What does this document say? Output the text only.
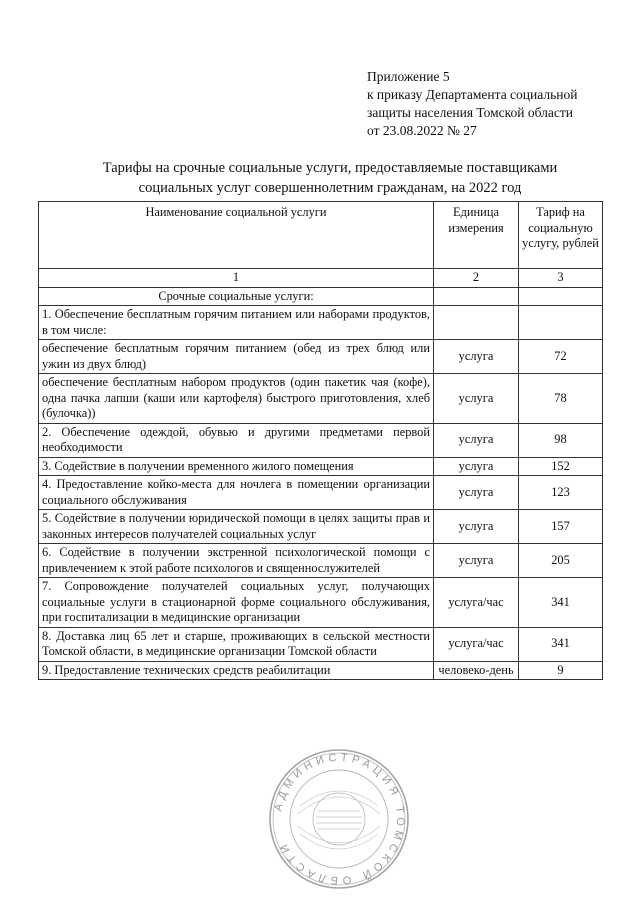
Приложение 5
к приказу Департамента социальной
защиты населения Томской области
от 23.08.2022 № 27
Тарифы на срочные социальные услуги, предоставляемые поставщиками
социальных услуг совершеннолетним гражданам, на 2022 год
Наименование социальной услуги	Единица измерения	Тариф на социальную услугу, рублей
1	2	3
Срочные социальные услуги:		
1. Обеспечение бесплатным горячим питанием или наборами продуктов, в том числе:		
обеспечение бесплатным горячим питанием (обед из трех блюд или ужин из двух блюд)	услуга	72
обеспечение бесплатным набором продуктов (один пакетик чая (кофе), одна пачка лапши (каши или картофеля) быстрого приготовления, хлеб (булочка))	услуга	78
2. Обеспечение одеждой, обувью и другими предметами первой необходимости	услуга	98
3. Содействие в получении временного жилого помещения	услуга	152
4. Предоставление койко-места для ночлега в помещении организации социального обслуживания	услуга	123
5. Содействие в получении юридической помощи в целях защиты прав и законных интересов получателей социальных услуг	услуга	157
6. Содействие в получении экстренной психологической помощи с привлечением к этой работе психологов и священнослужителей	услуга	205
7. Сопровождение получателей социальных услуг, получающих социальные услуги в стационарной форме социального обслуживания, при госпитализации в медицинские организации	услуга/час	341
8. Доставка лиц 65 лет и старше, проживающих в сельской местности Томской области, в медицинские организации Томской области	услуга/час	341
9. Предоставление технических средств реабилитации	человеко-день	9
АДМИНИСТРАЦИЯ ТОМСКОЙ ОБЛАСТИ
